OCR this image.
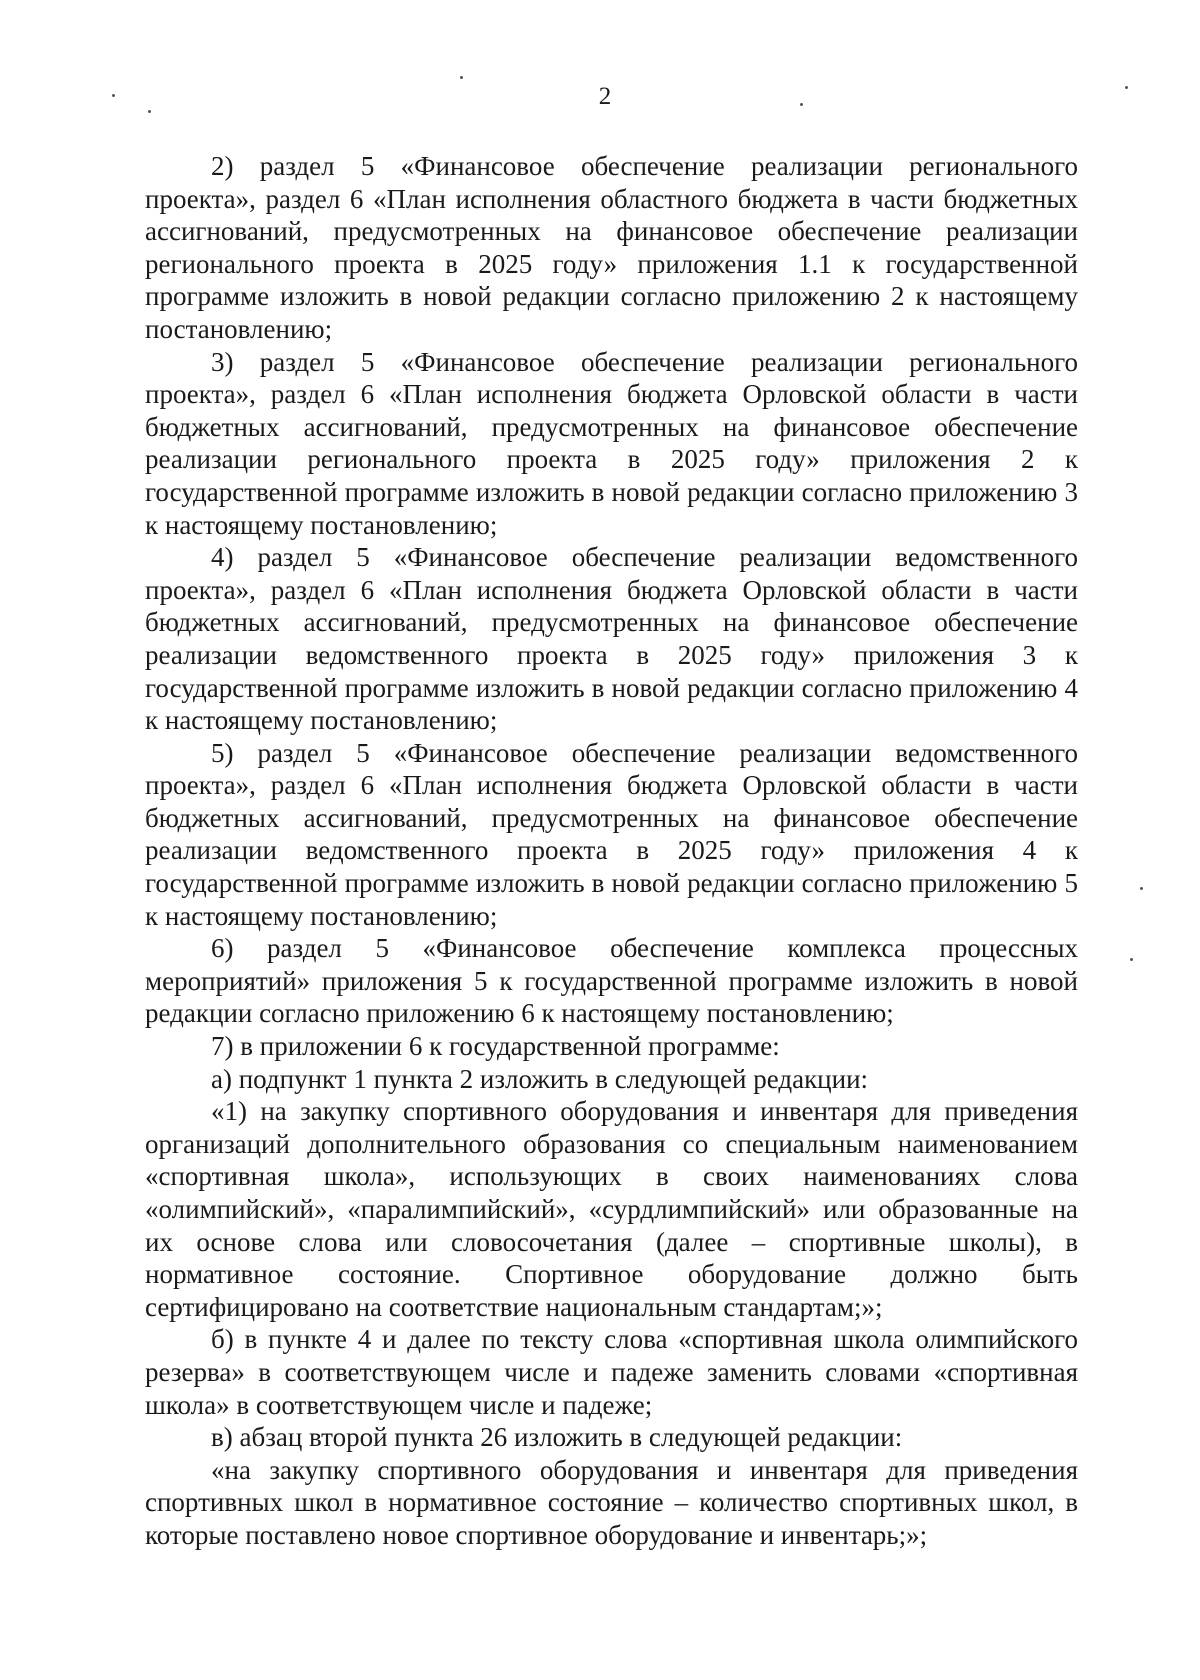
2

2) раздел 5 «Финансовое обеспечение реализации регионального проекта», раздел 6 «План исполнения областного бюджета в части бюджетных ассигнований, предусмотренных на финансовое обеспечение реализации регионального проекта в 2025 году» приложения 1.1 к государственной программе изложить в новой редакции согласно приложению 2 к настоящему постановлению;

3) раздел 5 «Финансовое обеспечение реализации регионального проекта», раздел 6 «План исполнения бюджета Орловской области в части бюджетных ассигнований, предусмотренных на финансовое обеспечение реализации регионального проекта в 2025 году» приложения 2 к государственной программе изложить в новой редакции согласно приложению 3 к настоящему постановлению;

4) раздел 5 «Финансовое обеспечение реализации ведомственного проекта», раздел 6 «План исполнения бюджета Орловской области в части бюджетных ассигнований, предусмотренных на финансовое обеспечение реализации ведомственного проекта в 2025 году» приложения 3 к государственной программе изложить в новой редакции согласно приложению 4 к настоящему постановлению;

5) раздел 5 «Финансовое обеспечение реализации ведомственного проекта», раздел 6 «План исполнения бюджета Орловской области в части бюджетных ассигнований, предусмотренных на финансовое обеспечение реализации ведомственного проекта в 2025 году» приложения 4 к государственной программе изложить в новой редакции согласно приложению 5 к настоящему постановлению;

6) раздел 5 «Финансовое обеспечение комплекса процессных мероприятий» приложения 5 к государственной программе изложить в новой редакции согласно приложению 6 к настоящему постановлению;

7) в приложении 6 к государственной программе:

а) подпункт 1 пункта 2 изложить в следующей редакции:

«1) на закупку спортивного оборудования и инвентаря для приведения организаций дополнительного образования со специальным наименованием «спортивная школа», использующих в своих наименованиях слова «олимпийский», «паралимпийский», «сурдлимпийский» или образованные на их основе слова или словосочетания (далее – спортивные школы), в нормативное состояние. Спортивное оборудование должно быть сертифицировано на соответствие национальным стандартам;»;

б) в пункте 4 и далее по тексту слова «спортивная школа олимпийского резерва» в соответствующем числе и падеже заменить словами «спортивная школа» в соответствующем числе и падеже;

в) абзац второй пункта 26 изложить в следующей редакции:

«на закупку спортивного оборудования и инвентаря для приведения спортивных школ в нормативное состояние – количество спортивных школ, в которые поставлено новое спортивное оборудование и инвентарь;»;
